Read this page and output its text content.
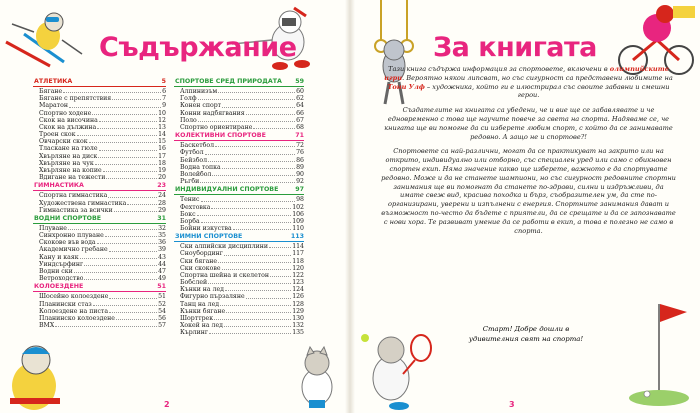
Съдържание
АТЛЕТИКА	5
Бягане	6
Бягане с препятствия	7
Маратон	9
Спортно ходене	10
Скок на височина	12
Скок на дължина	13
Троен скок	14
Овчарски скок	15
Тласкане на гюле	16
Хвърляне на диск	17
Хвърляне на чук	18
Хвърляне на копие	19
Вдигане на тежести	20
ГИМНАСТИКА	23
Спортна гимнастика	24
Художествена гимнастика	28
Гимнастика за всички	29
ВОДНИ СПОРТОВЕ	31
Плуване	32
Синхронно плуване	35
Скокове във вода	36
Академично гребане	39
Кану и каяк	43
Уиндсърфинг	44
Водни ски	47
Ветроходство	49
КОЛОЕЗДЕНЕ	51
Шосейно колоездене	51
Планински стаз	52
Колоездене на писта	54
Планинско колоездене	56
BMX	57
СПОРТОВЕ СРЕД ПРИРОДАТА 59
Алпинизъм	60
Голф	62
Конен спорт	64
Конни надбягвания	66
Поло	67
Спортно ориентиране	68
КОЛЕКТИВНИ СПОРТОВЕ	71
Баскетбол	72
Футбол	76
Бейзбол	86
Водна топка	89
Волейбол	90
Ръгби	92
ИНДИВИДУАЛНИ СПОРТОВЕ	97
Тенис	98
Фехтовка	102
Бокс	106
Борба	109
Бойни изкуства	110
ЗИМНИ СПОРТОВЕ	113
Ски алпийски дисциплини	114
Сноубординг	117
Ски бягане	118
Ски скокове	120
Спортна шейна и скелетон	122
Бобслей	123
Кънки на лед	124
Фигурно пързаляне	126
Танц на лед	128
Кънки бягане	129
Шорттрек	130
Хокей на лед	132
Кърлинг	135
2
За книгата

Тази книга съдържа информация за спортовете, включени в олимпийските игри. Вероятно някои липсват, но със сигурност са представени любимите на Тони Улф – художника, който ги е илюстрирал със своите забавни и смешни герои.

Създателите на книгата са убедени, че и вие ще се забавлявате и че едновременно с това ще научите повече за света на спорта. Надяваме се, че книгата ще ви помогне да си изберете любим спорт, с който да се занимавате редовно. А защо не и спортове?!

Спортовете са най-различни, могат да се практикуват на закрито или на открито, индивидуално или отборно, със специален уред или само с обикновен спортен екип. Няма значение какво ще изберете, важното е да спортувате редовно. Може и да не станете шампиони, но със сигурност редовните спортни занимания ще ви помогнат да станете по-здрави, силни и издръжливи, да имате свеж вид, красива походка и бърз, съобразителен ум, да сте по-организирани, уверени и изпълнени с енергия. Спортните занимания дават и възможност по-често да бъдете с приятели, да се срещате и да се запознавате с нови хора. Те развиват умение да се работи в екип, а това е полезно не само в спорта.

Старт! Добре дошли в удивителния свят на спорта!
3
